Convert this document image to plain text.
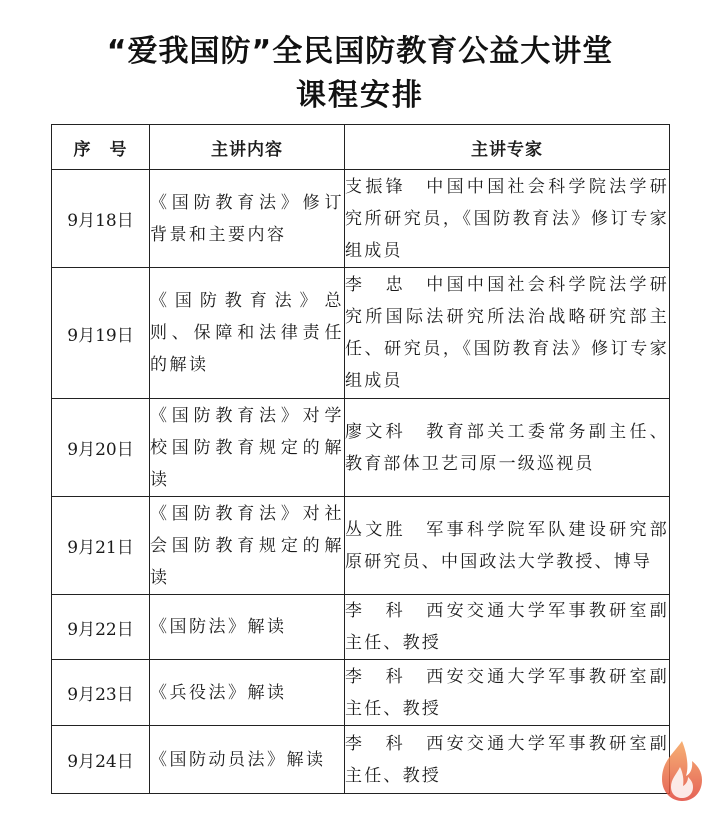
“爱我国防”全民国防教育公益大讲堂
课程安排
序　号	主讲内容	主讲专家
9月18日	《国防教育法》修订背景和主要内容	支振锋　中国中国社会科学院法学研究所研究员，《国防教育法》修订专家组成员
9月19日	《国防教育法》总则、保障和法律责任的解读	李　忠　中国中国社会科学院法学研究所国际法研究所法治战略研究部主任、研究员，《国防教育法》修订专家组成员
9月20日	《国防教育法》对学校国防教育规定的解读	廖文科　教育部关工委常务副主任、教育部体卫艺司原一级巡视员
9月21日	《国防教育法》对社会国防教育规定的解读	丛文胜　军事科学院军队建设研究部原研究员、中国政法大学教授、博导
9月22日	《国防法》解读	李　科　西安交通大学军事教研室副主任、教授
9月23日	《兵役法》解读	李　科　西安交通大学军事教研室副主任、教授
9月24日	《国防动员法》解读	李　科　西安交通大学军事教研室副主任、教授
